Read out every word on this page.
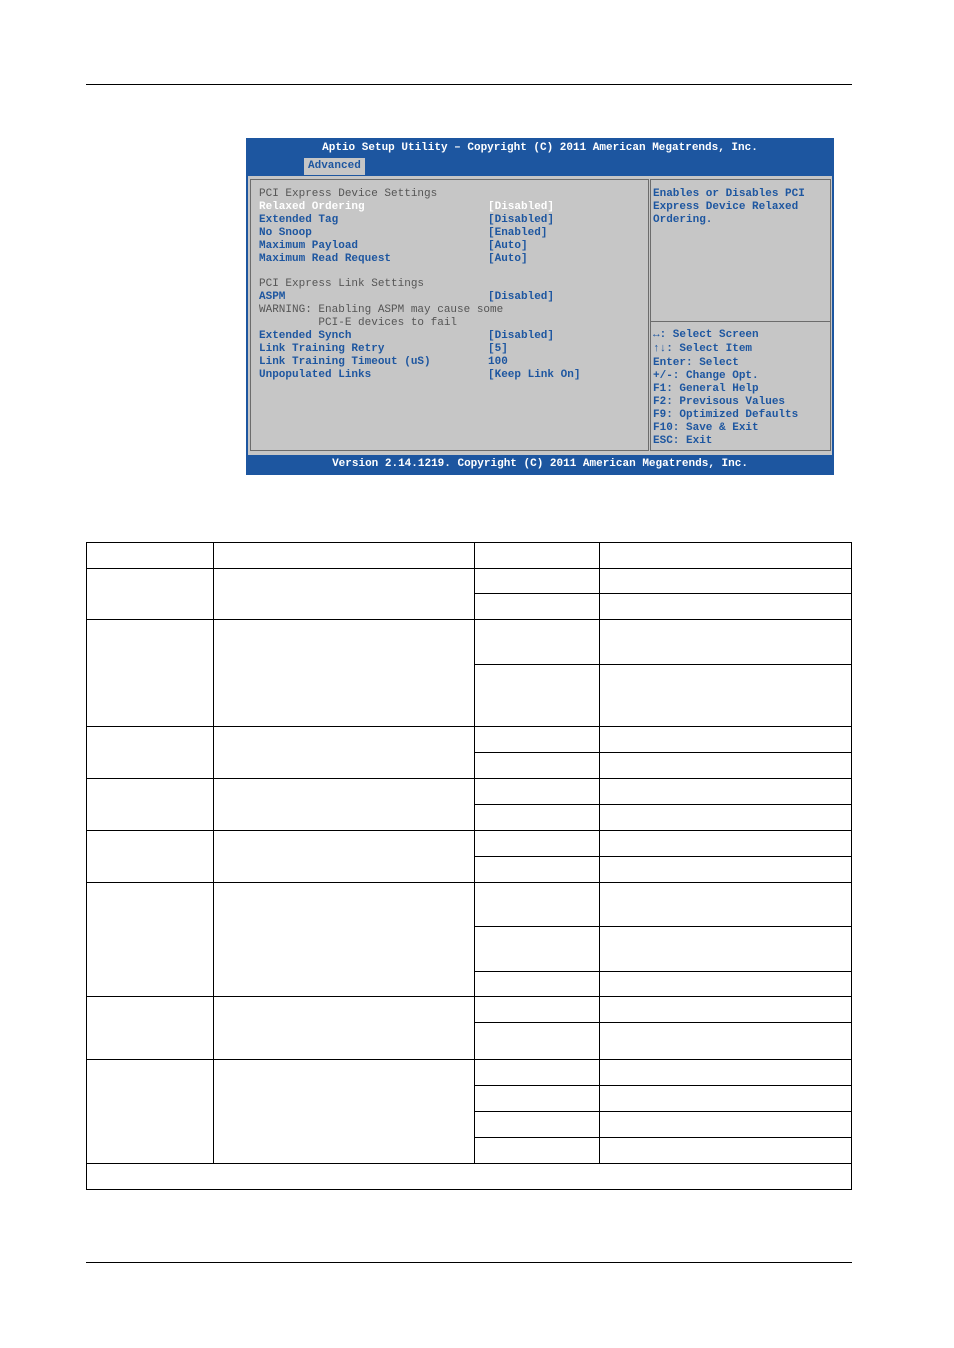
Aptio Setup Utility – Copyright (C) 2011 American Megatrends, Inc.
Advanced
PCI Express Device Settings
Relaxed Ordering	[Disabled]
Extended Tag	[Disabled]
No Snoop	[Enabled]
Maximum Payload	[Auto]
Maximum Read Request	[Auto]
PCI Express Link Settings
ASPM	[Disabled]
WARNING: Enabling ASPM may cause some
PCI-E devices to fail
Extended Synch	[Disabled]
Link Training Retry	[5]
Link Training Timeout (uS)	100
Unpopulated Links	[Keep Link On]
Enables or Disables PCI
Express Device Relaxed
Ordering.
↔: Select Screen
↑↓: Select Item
Enter: Select
+/-: Change Opt.
F1: General Help
F2: Previsous Values
F9: Optimized Defaults
F10: Save & Exit
ESC: Exit
Version 2.14.1219. Copyright (C) 2011 American Megatrends, Inc.
